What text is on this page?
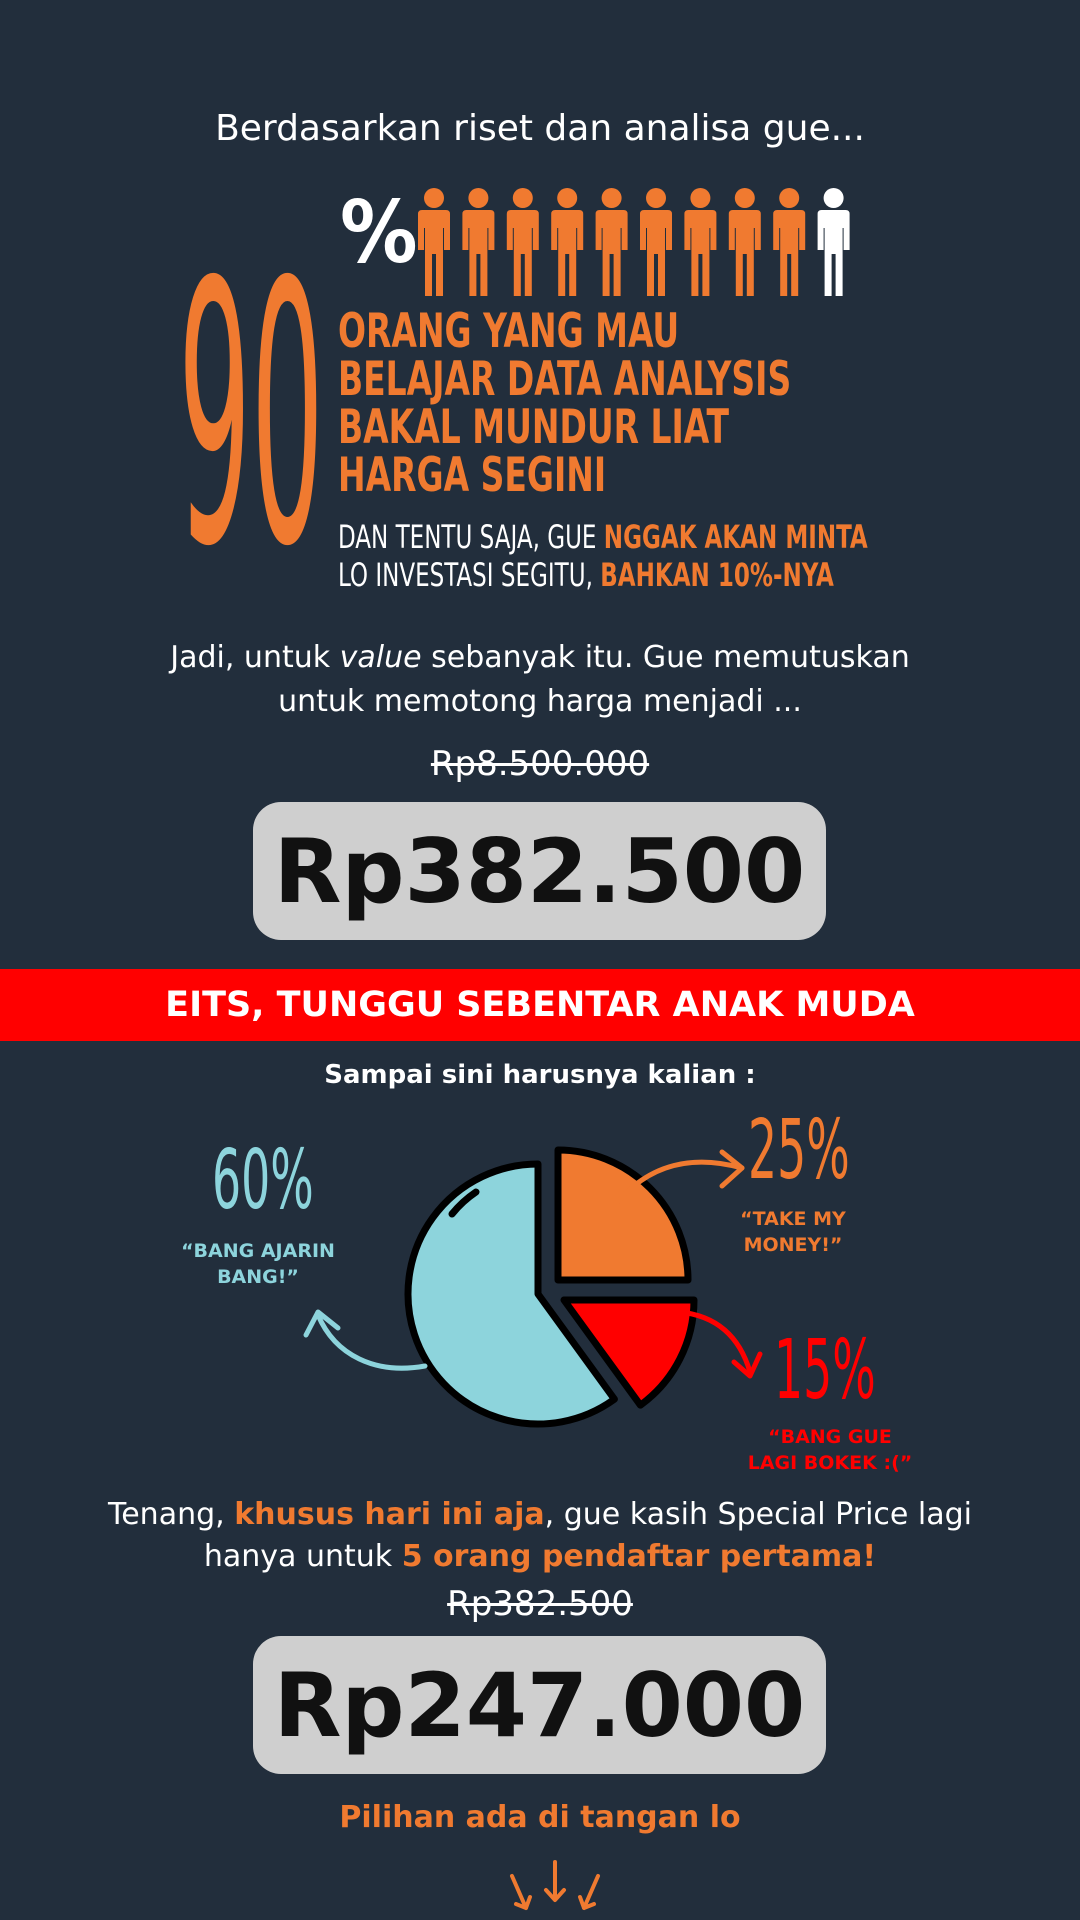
Berdasarkan riset dan analisa gue...
90 %
ORANG YANG MAU
BELAJAR DATA ANALYSIS
BAKAL MUNDUR LIAT
HARGA SEGINI
DAN TENTU SAJA, GUE NGGAK AKAN MINTA
LO INVESTASI SEGITU, BAHKAN 10%-NYA
Jadi, untuk value sebanyak itu. Gue memutuskan
untuk memotong harga menjadi ...
Rp8.500.000
Rp382.500
EITS, TUNGGU SEBENTAR ANAK MUDA
Sampai sini harusnya kalian :
60%
“BANG AJARIN
BANG!”
25%
“TAKE MY
MONEY!”
15%
“BANG GUE
LAGI BOKEK :(”
Tenang, khusus hari ini aja, gue kasih Special Price lagi
hanya untuk 5 orang pendaftar pertama!
Rp382.500
Rp247.000
Pilihan ada di tangan lo
